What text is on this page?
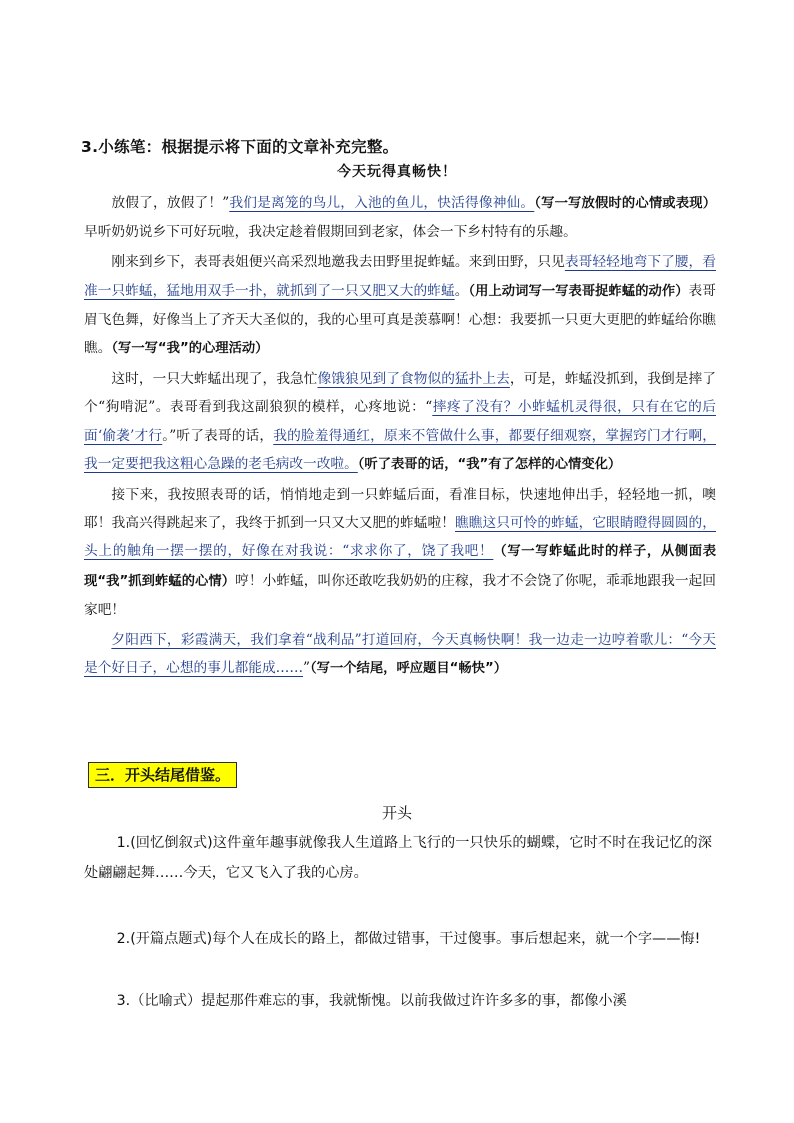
3.小练笔：根据提示将下面的文章补充完整。
今天玩得真畅快！

放假了，放假了！”我们是离笼的鸟儿，入池的鱼儿，快活得像神仙。（写一写放假时的心情或表现）早听奶奶说乡下可好玩啦，我决定趁着假期回到老家，体会一下乡村特有的乐趣。

刚来到乡下，表哥表姐便兴高采烈地邀我去田野里捉蚱蜢。来到田野，只见表哥轻轻地弯下了腰，看准一只蚱蜢，猛地用双手一扑，就抓到了一只又肥又大的蚱蜢。（用上动词写一写表哥捉蚱蜢的动作）表哥眉飞色舞，好像当上了齐天大圣似的，我的心里可真是羡慕啊！心想：我要抓一只更大更肥的蚱蜢给你瞧瞧。（写一写“我”的心理活动）

这时，一只大蚱蜢出现了，我急忙像饿狼见到了食物似的猛扑上去，可是，蚱蜢没抓到，我倒是摔了个“狗啃泥”。表哥看到我这副狼狈的模样，心疼地说：“摔疼了没有？小蚱蜢机灵得很，只有在它的后面‘偷袭’才行。”听了表哥的话，我的脸羞得通红，原来不管做什么事，都要仔细观察，掌握窍门才行啊，我一定要把我这粗心急躁的老毛病改一改啦。（听了表哥的话，“我”有了怎样的心情变化）

接下来，我按照表哥的话，悄悄地走到一只蚱蜢后面，看准目标，快速地伸出手，轻轻地一抓，噢耶！我高兴得跳起来了，我终于抓到一只又大又肥的蚱蜢啦！瞧瞧这只可怜的蚱蜢，它眼睛瞪得圆圆的，头上的触角一摆一摆的，好像在对我说：“求求你了，饶了我吧！（写一写蚱蜢此时的样子，从侧面表现“我”抓到蚱蜢的心情）哼！小蚱蜢，叫你还敢吃我奶奶的庄稼，我才不会饶了你呢，乖乖地跟我一起回家吧！

夕阳西下，彩霞满天，我们拿着“战利品”打道回府，今天真畅快啊！我一边走一边哼着歌儿：“今天是个好日子，心想的事儿都能成……”（写一个结尾，呼应题目“畅快”）

三．开头结尾借鉴。
开头

1.(回忆倒叙式)这件童年趣事就像我人生道路上飞行的一只快乐的蝴蝶，它时不时在我记忆的深处翩翩起舞……今天，它又飞入了我的心房。

2.(开篇点题式)每个人在成长的路上，都做过错事，干过傻事。事后想起来，就一个字——悔!

3.（比喻式）提起那件难忘的事，我就惭愧。以前我做过许许多多的事，都像小溪
